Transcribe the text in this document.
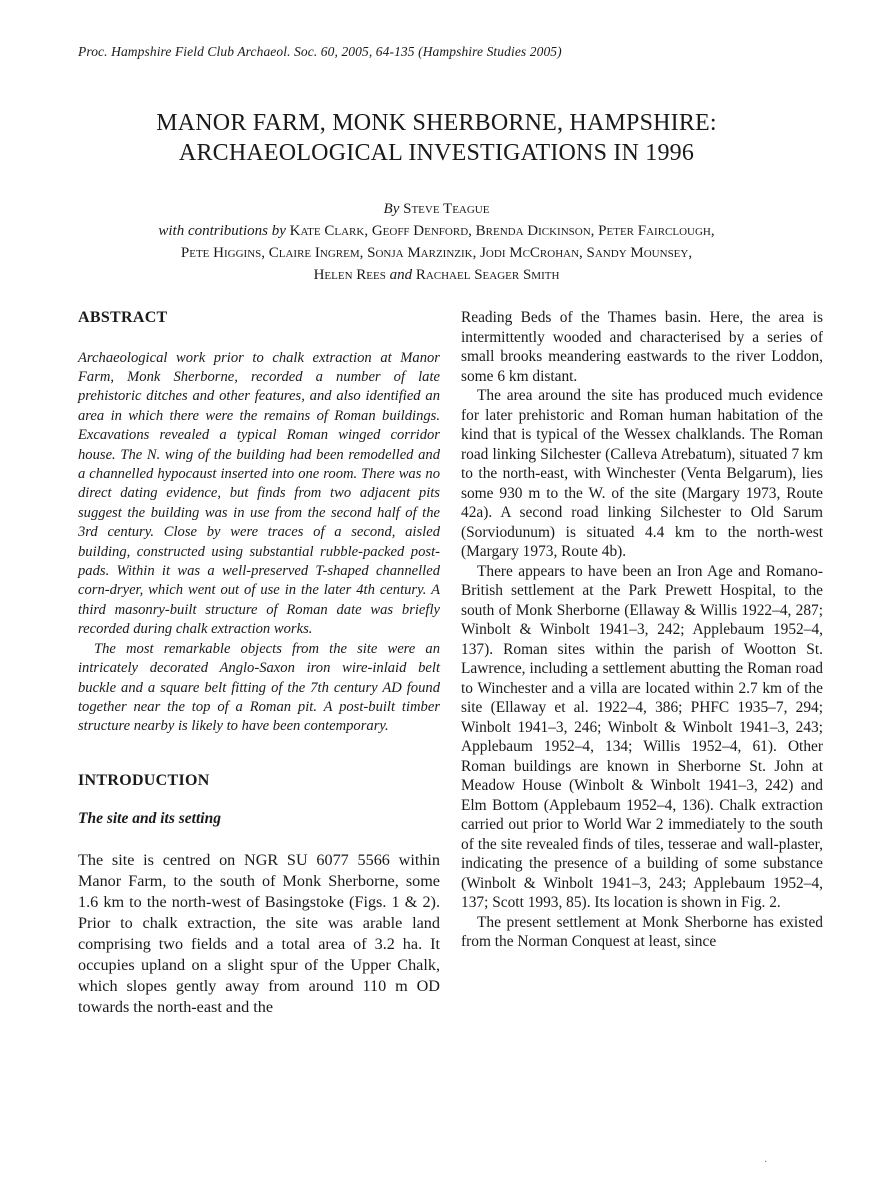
Proc. Hampshire Field Club Archaeol. Soc. 60, 2005, 64-135 (Hampshire Studies 2005)
MANOR FARM, MONK SHERBORNE, HAMPSHIRE:
ARCHAEOLOGICAL INVESTIGATIONS IN 1996
By Steve Teague
with contributions by Kate Clark, Geoff Denford, Brenda Dickinson, Peter Fairclough,
Pete Higgins, Claire Ingrem, Sonja Marzinzik, Jodi McCrohan, Sandy Mounsey,
Helen Rees and Rachael Seager Smith
ABSTRACT

Archaeological work prior to chalk extraction at Manor Farm, Monk Sherborne, recorded a number of late prehistoric ditches and other features, and also identified an area in which there were the remains of Roman buildings. Excavations revealed a typical Roman winged corridor house. The N. wing of the building had been remodelled and a channelled hypocaust inserted into one room. There was no direct dating evidence, but finds from two adjacent pits suggest the building was in use from the second half of the 3rd century. Close by were traces of a second, aisled building, constructed using substantial rubble-packed post-pads. Within it was a well-preserved T-shaped channelled corn-dryer, which went out of use in the later 4th century. A third masonry-built structure of Roman date was briefly recorded during chalk extraction works.

The most remarkable objects from the site were an intricately decorated Anglo-Saxon iron wire-inlaid belt buckle and a square belt fitting of the 7th century AD found together near the top of a Roman pit. A post-built timber structure nearby is likely to have been contemporary.

INTRODUCTION
The site and its setting

The site is centred on NGR SU 6077 5566 within Manor Farm, to the south of Monk Sherborne, some 1.6 km to the north-west of Basingstoke (Figs. 1 & 2). Prior to chalk extraction, the site was arable land comprising two fields and a total area of 3.2 ha. It occupies upland on a slight spur of the Upper Chalk, which slopes gently away from around 110 m OD towards the north-east and the

Reading Beds of the Thames basin. Here, the area is intermittently wooded and characterised by a series of small brooks meandering eastwards to the river Loddon, some 6 km distant.

The area around the site has produced much evidence for later prehistoric and Roman human habitation of the kind that is typical of the Wessex chalklands. The Roman road linking Silchester (Calleva Atrebatum), situated 7 km to the north-east, with Winchester (Venta Belgarum), lies some 930 m to the W. of the site (Margary 1973, Route 42a). A second road linking Silchester to Old Sarum (Sorviodunum) is situated 4.4 km to the north-west (Margary 1973, Route 4b).

There appears to have been an Iron Age and Romano-British settlement at the Park Prewett Hospital, to the south of Monk Sherborne (Ellaway & Willis 1922–4, 287; Winbolt & Winbolt 1941–3, 242; Applebaum 1952–4, 137). Roman sites within the parish of Wootton St. Lawrence, including a settlement abutting the Roman road to Winchester and a villa are located within 2.7 km of the site (Ellaway et al. 1922–4, 386; PHFC 1935–7, 294; Winbolt 1941–3, 246; Winbolt & Winbolt 1941–3, 243; Applebaum 1952–4, 134; Willis 1952–4, 61). Other Roman buildings are known in Sherborne St. John at Meadow House (Winbolt & Winbolt 1941–3, 242) and Elm Bottom (Applebaum 1952–4, 136). Chalk extraction carried out prior to World War 2 immediately to the south of the site revealed finds of tiles, tesserae and wall-plaster, indicating the presence of a building of some substance (Winbolt & Winbolt 1941–3, 243; Applebaum 1952–4, 137; Scott 1993, 85). Its location is shown in Fig. 2.

The present settlement at Monk Sherborne has existed from the Norman Conquest at least, since

·
